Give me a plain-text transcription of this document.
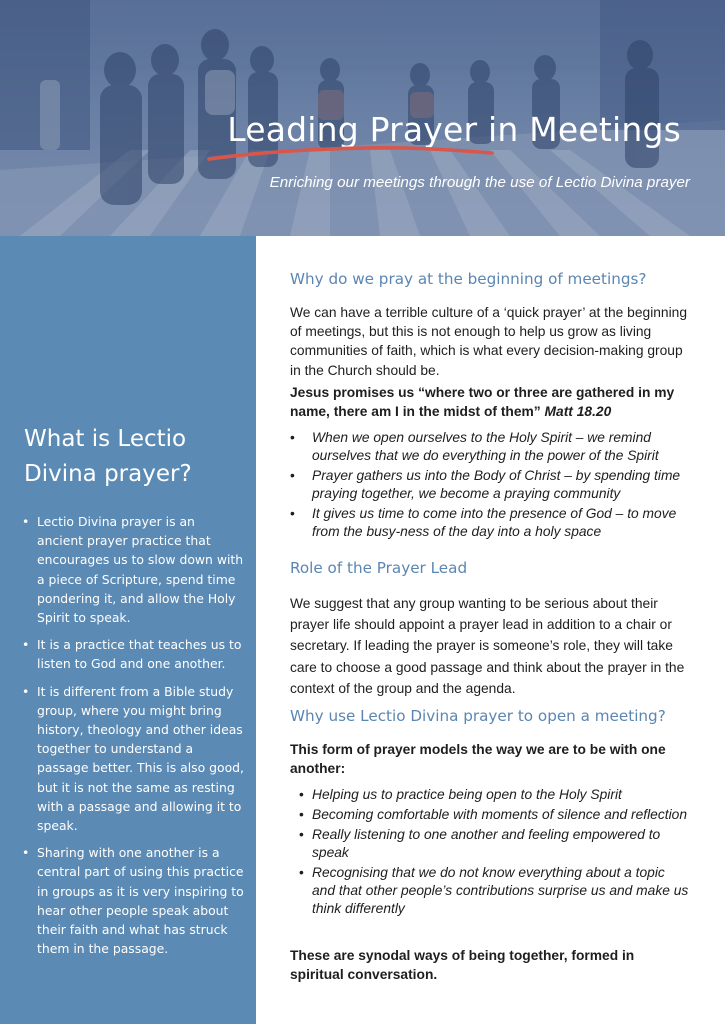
Leading Prayer in Meetings

Enriching our meetings through the use of Lectio Divina prayer

What is Lectio Divina prayer?
• Lectio Divina prayer is an ancient prayer practice that encourages us to slow down with a piece of Scripture, spend time pondering it, and allow the Holy Spirit to speak.
• It is a practice that teaches us to listen to God and one another.
• It is different from a Bible study group, where you might bring history, theology and other ideas together to understand a passage better. This is also good, but it is not the same as resting with a passage and allowing it to speak.
• Sharing with one another is a central part of using this practice in groups as it is very inspiring to hear other people speak about their faith and what has struck them in the passage.
Why do we pray at the beginning of meetings?

We can have a terrible culture of a ‘quick prayer’ at the beginning of meetings, but this is not enough to help us grow as living communities of faith, which is what every decision-making group in the Church should be.

Jesus promises us “where two or three are gathered in my name, there am I in the midst of them” Matt 18.20

• When we open ourselves to the Holy Spirit – we remind ourselves that we do everything in the power of the Spirit
• Prayer gathers us into the Body of Christ – by spending time praying together, we become a praying community
• It gives us time to come into the presence of God – to move from the busy-ness of the day into a holy space
Role of the Prayer Lead

We suggest that any group wanting to be serious about their prayer life should appoint a prayer lead in addition to a chair or secretary. If leading the prayer is someone’s role, they will take care to choose a good passage and think about the prayer in the context of the group and the agenda.

Why use Lectio Divina prayer to open a meeting?

This form of prayer models the way we are to be with one another:

• Helping us to practice being open to the Holy Spirit
• Becoming comfortable with moments of silence and reflection
• Really listening to one another and feeling empowered to speak
• Recognising that we do not know everything about a topic and that other people’s contributions surprise us and make us think differently

These are synodal ways of being together, formed in spiritual conversation.
